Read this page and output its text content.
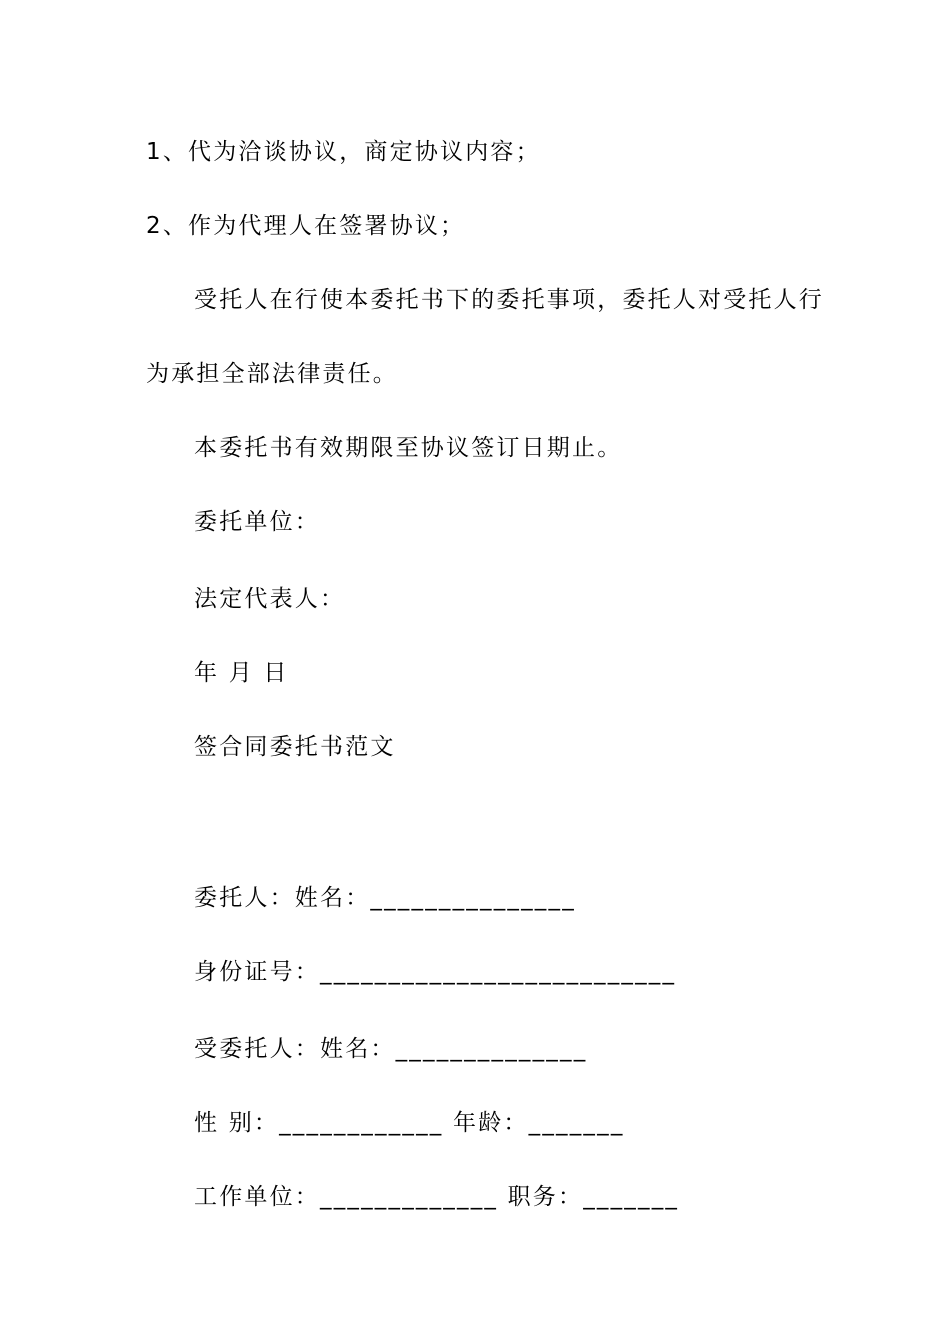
1、代为洽谈协议，商定协议内容；
2、作为代理人在签署协议；
受托人在行使本委托书下的委托事项，委托人对受托人行
为承担全部法律责任。
本委托书有效期限至协议签订日期止。
委托单位：
法定代表人：
年 月 日
签合同委托书范文
委托人：姓名：_______________
身份证号：__________________________
受委托人：姓名：______________
性 别：____________ 年龄：_______
工作单位：_____________ 职务：_______
